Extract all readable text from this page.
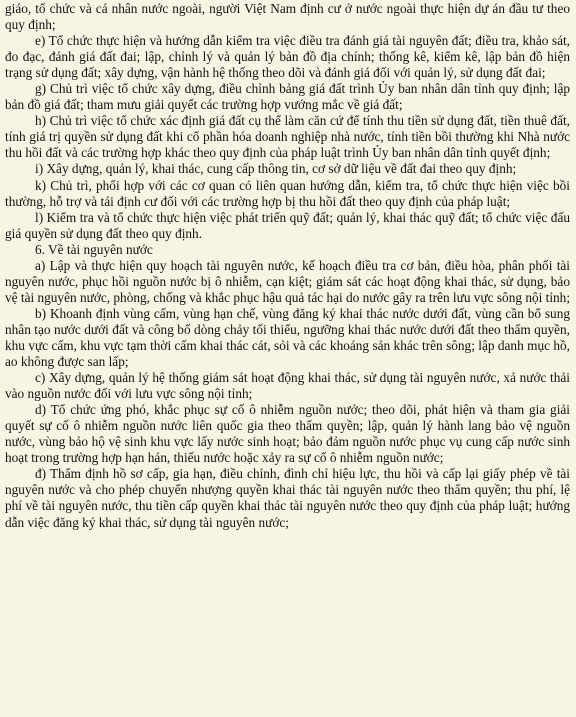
giáo, tổ chức và cá nhân nước ngoài, người Việt Nam định cư ở nước ngoài thực hiện dự án đầu tư theo quy định;

e) Tổ chức thực hiện và hướng dẫn kiểm tra việc điều tra đánh giá tài nguyên đất; điều tra, khảo sát, đo đạc, đánh giá đất đai; lập, chỉnh lý và quản lý bản đồ địa chính; thống kê, kiểm kê, lập bản đồ hiện trạng sử dụng đất; xây dựng, vận hành hệ thống theo dõi và đánh giá đối với quản lý, sử dụng đất đai;

g) Chủ trì việc tổ chức xây dựng, điều chỉnh bảng giá đất trình Ủy ban nhân dân tỉnh quy định; lập bản đồ giá đất; tham mưu giải quyết các trường hợp vướng mắc về giá đất;

h) Chủ trì việc tổ chức xác định giá đất cụ thể làm căn cứ để tính thu tiền sử dụng đất, tiền thuê đất, tính giá trị quyền sử dụng đất khi cổ phần hóa doanh nghiệp nhà nước, tính tiền bồi thường khi Nhà nước thu hồi đất và các trường hợp khác theo quy định của pháp luật trình Ủy ban nhân dân tỉnh quyết định;

i) Xây dựng, quản lý, khai thác, cung cấp thông tin, cơ sở dữ liệu về đất đai theo quy định;

k) Chủ trì, phối hợp với các cơ quan có liên quan hướng dẫn, kiểm tra, tổ chức thực hiện việc bồi thường, hỗ trợ và tái định cư đối với các trường hợp bị thu hồi đất theo quy định của pháp luật;

l) Kiểm tra và tổ chức thực hiện việc phát triển quỹ đất; quản lý, khai thác quỹ đất; tổ chức việc đấu giá quyền sử dụng đất theo quy định.

6. Về tài nguyên nước

a) Lập và thực hiện quy hoạch tài nguyên nước, kế hoạch điều tra cơ bản, điều hòa, phân phối tài nguyên nước, phục hồi nguồn nước bị ô nhiễm, cạn kiệt; giám sát các hoạt động khai thác, sử dụng, bảo vệ tài nguyên nước, phòng, chống và khắc phục hậu quả tác hại do nước gây ra trên lưu vực sông nội tỉnh;

b) Khoanh định vùng cấm, vùng hạn chế, vùng đăng ký khai thác nước dưới đất, vùng cần bổ sung nhân tạo nước dưới đất và công bố dòng chảy tối thiểu, ngưỡng khai thác nước dưới đất theo thẩm quyền, khu vực cấm, khu vực tạm thời cấm khai thác cát, sỏi và các khoáng sản khác trên sông; lập danh mục hồ, ao không được san lấp;

c) Xây dựng, quản lý hệ thống giám sát hoạt động khai thác, sử dụng tài nguyên nước, xả nước thải vào nguồn nước đối với lưu vực sông nội tỉnh;

d) Tổ chức ứng phó, khắc phục sự cố ô nhiễm nguồn nước; theo dõi, phát hiện và tham gia giải quyết sự cố ô nhiễm nguồn nước liên quốc gia theo thẩm quyền; lập, quản lý hành lang bảo vệ nguồn nước, vùng bảo hộ vệ sinh khu vực lấy nước sinh hoạt; bảo đảm nguồn nước phục vụ cung cấp nước sinh hoạt trong trường hợp hạn hán, thiếu nước hoặc xảy ra sự cố ô nhiễm nguồn nước;

đ) Thẩm định hồ sơ cấp, gia hạn, điều chỉnh, đình chỉ hiệu lực, thu hồi và cấp lại giấy phép về tài nguyên nước và cho phép chuyển nhượng quyền khai thác tài nguyên nước theo thẩm quyền; thu phí, lệ phí về tài nguyên nước, thu tiền cấp quyền khai thác tài nguyên nước theo quy định của pháp luật; hướng dẫn việc đăng ký khai thác, sử dụng tài nguyên nước;
